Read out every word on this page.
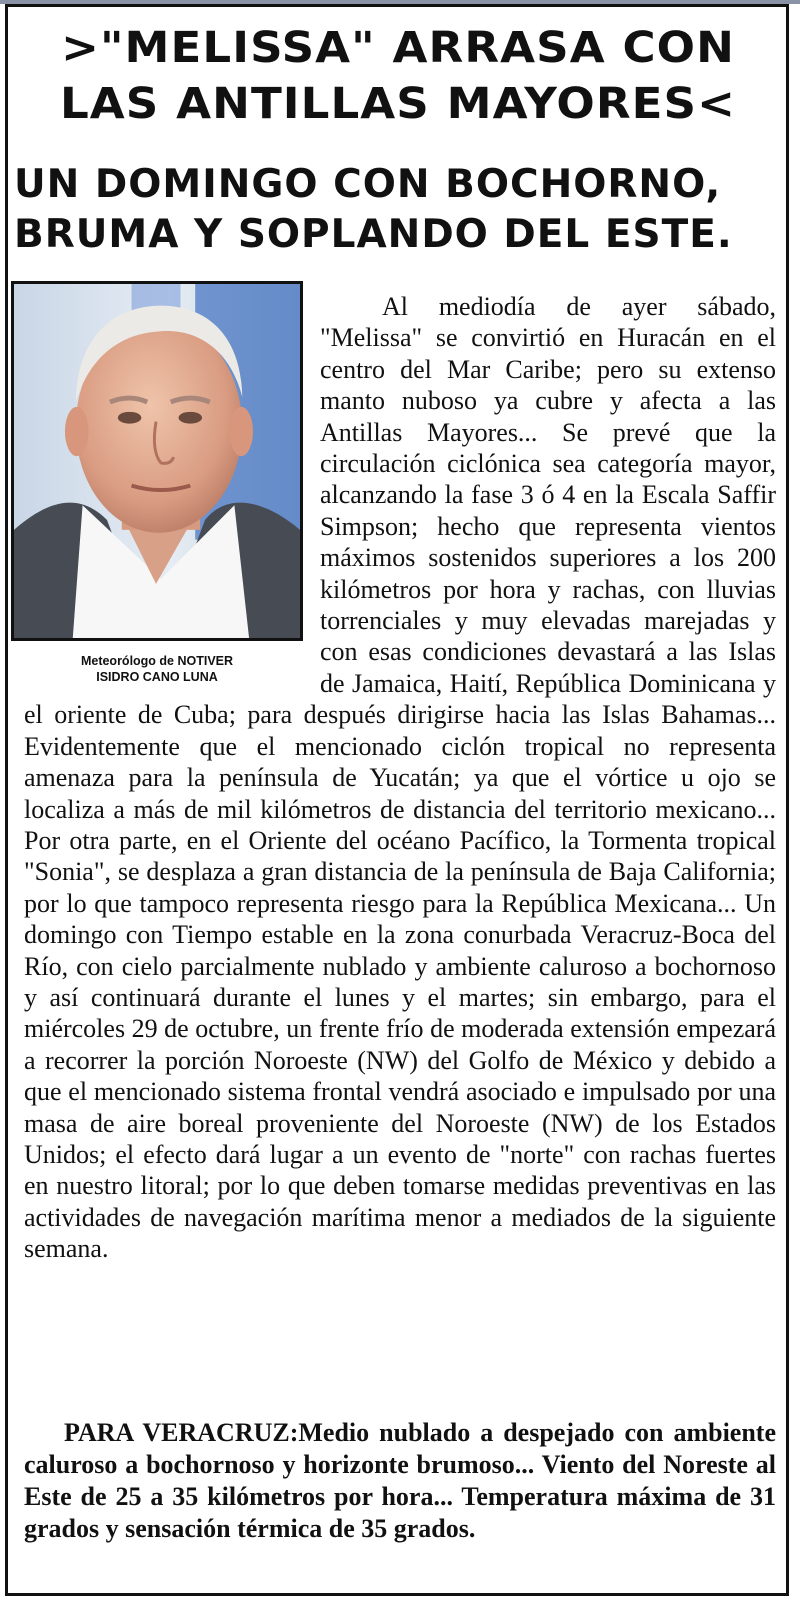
>"MELISSA" ARRASA CON
LAS ANTILLAS MAYORES<
UN DOMINGO CON BOCHORNO,
BRUMA Y SOPLANDO DEL ESTE.

Meteorólogo de NOTIVER
ISIDRO CANO LUNA

Al mediodía de ayer sábado, "Melissa" se convirtió en Huracán en el centro del Mar Caribe; pero su extenso manto nuboso ya cubre y afecta a las Antillas Mayores... Se prevé que la circulación ciclónica sea categoría mayor, alcanzando la fase 3 ó 4 en la Escala Saffir Simpson; hecho que representa vientos máximos sostenidos superiores a los 200 kilómetros por hora y rachas, con lluvias torrenciales y muy elevadas marejadas y con esas condiciones devastará a las Islas de Jamaica, Haití, República Dominicana y el oriente de Cuba; para después dirigirse hacia las Islas Bahamas... Evidentemente que el mencionado ciclón tropical no representa amenaza para la península de Yucatán; ya que el vórtice u ojo se localiza a más de mil kilómetros de distancia del territorio mexicano... Por otra parte, en el Oriente del océano Pacífico, la Tormenta tropical "Sonia", se desplaza a gran distancia de la península de Baja California; por lo que tampoco representa riesgo para la República Mexicana... Un domingo con Tiempo estable en la zona conurbada Veracruz-Boca del Río, con cielo parcialmente nublado y ambiente caluroso a bochornoso y así continuará durante el lunes y el martes; sin embargo, para el miércoles 29 de octubre, un frente frío de moderada extensión empezará a recorrer la porción Noroeste (NW) del Golfo de México y debido a que el mencionado sistema frontal vendrá asociado e impulsado por una masa de aire boreal proveniente del Noroeste (NW) de los Estados Unidos; el efecto dará lugar a un evento de "norte" con rachas fuertes en nuestro litoral; por lo que deben tomarse medidas preventivas en las actividades de navegación marítima menor a mediados de la siguiente semana.

PARA VERACRUZ:Medio nublado a despejado con ambiente caluroso a bochornoso y horizonte brumoso... Viento del Noreste al Este de 25 a 35 kilómetros por hora... Temperatura máxima de 31 grados y sensación térmica de 35 grados.
